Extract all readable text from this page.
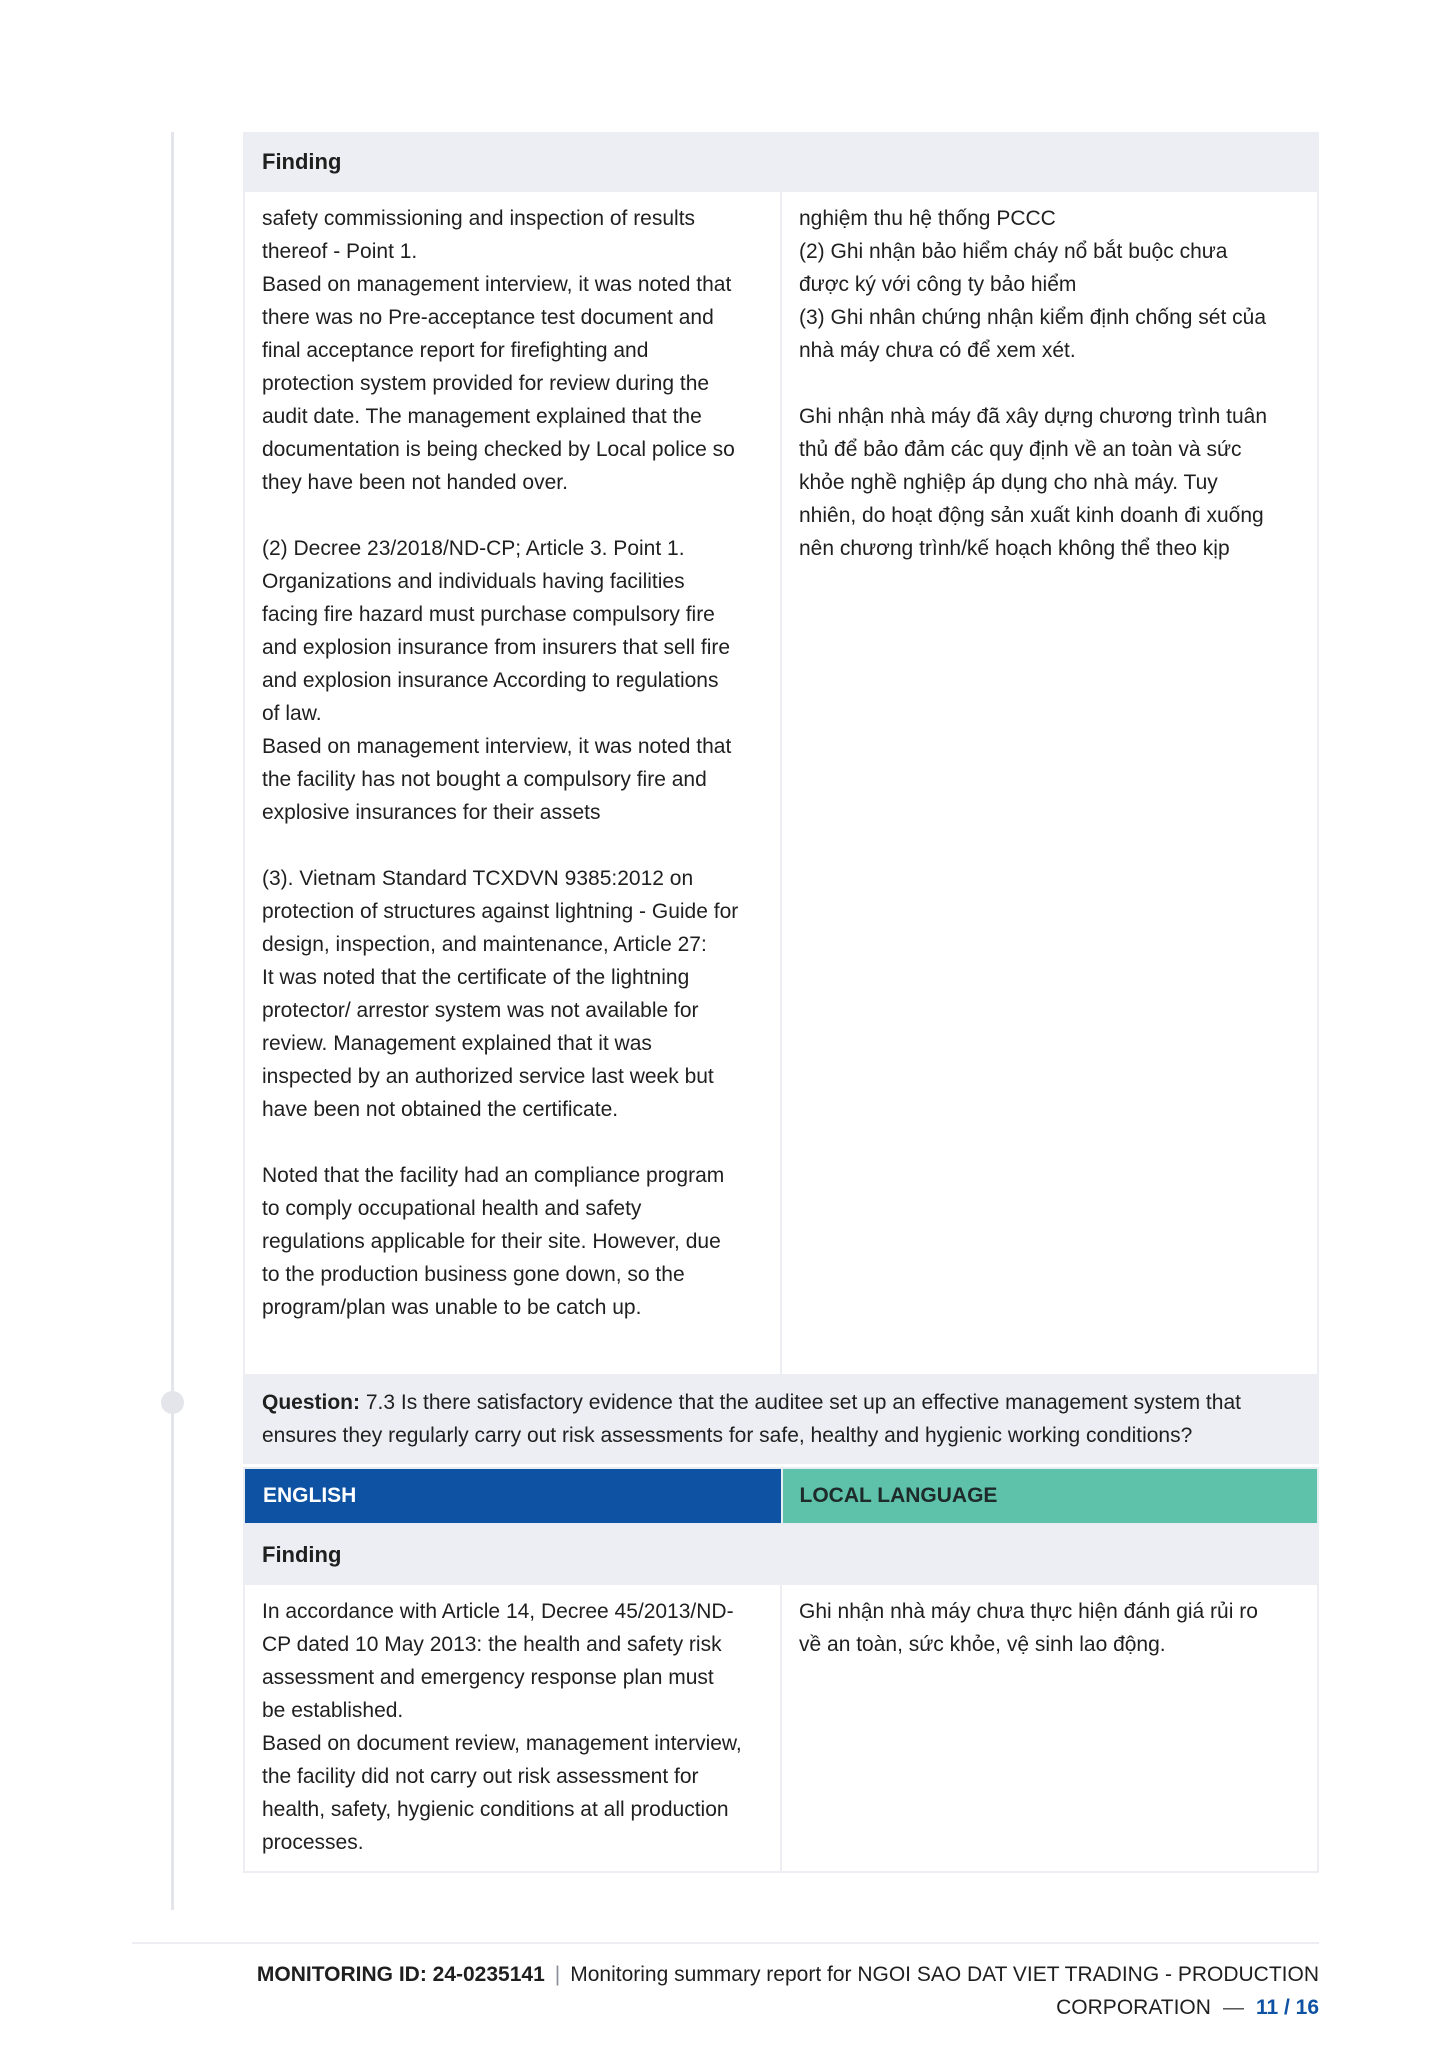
Finding
safety commissioning and inspection of results
thereof - Point 1.
Based on management interview, it was noted that
there was no Pre-acceptance test document and
final acceptance report for firefighting and
protection system provided for review during the
audit date. The management explained that the
documentation is being checked by Local police so
they have been not handed over.

(2) Decree 23/2018/ND-CP; Article 3. Point 1.
Organizations and individuals having facilities
facing fire hazard must purchase compulsory fire
and explosion insurance from insurers that sell fire
and explosion insurance According to regulations
of law.
Based on management interview, it was noted that
the facility has not bought a compulsory fire and
explosive insurances for their assets

(3). Vietnam Standard TCXDVN 9385:2012 on
protection of structures against lightning - Guide for
design, inspection, and maintenance, Article 27:
It was noted that the certificate of the lightning
protector/ arrestor system was not available for
review. Management explained that it was
inspected by an authorized service last week but
have been not obtained the certificate.

Noted that the facility had an compliance program
to comply occupational health and safety
regulations applicable for their site. However, due
to the production business gone down, so the
program/plan was unable to be catch up.
nghiệm thu hệ thống PCCC
(2) Ghi nhận bảo hiểm cháy nổ bắt buộc chưa
được ký với công ty bảo hiểm
(3) Ghi nhân chứng nhận kiểm định chống sét của
nhà máy chưa có để xem xét.

Ghi nhận nhà máy đã xây dựng chương trình tuân
thủ để bảo đảm các quy định về an toàn và sức
khỏe nghề nghiệp áp dụng cho nhà máy. Tuy
nhiên, do hoạt động sản xuất kinh doanh đi xuống
nên chương trình/kế hoạch không thể theo kịp
Question: 7.3 Is there satisfactory evidence that the auditee set up an effective management system that ensures they regularly carry out risk assessments for safe, healthy and hygienic working conditions?
ENGLISH	LOCAL LANGUAGE
Finding
In accordance with Article 14, Decree 45/2013/ND-
CP dated 10 May 2013: the health and safety risk
assessment and emergency response plan must
be established.
Based on document review, management interview,
the facility did not carry out risk assessment for
health, safety, hygienic conditions at all production
processes.
Ghi nhận nhà máy chưa thực hiện đánh giá rủi ro
về an toàn, sức khỏe, vệ sinh lao động.
MONITORING ID: 24-0235141 | Monitoring summary report for NGOI SAO DAT VIET TRADING - PRODUCTION
CORPORATION — 11 / 16
